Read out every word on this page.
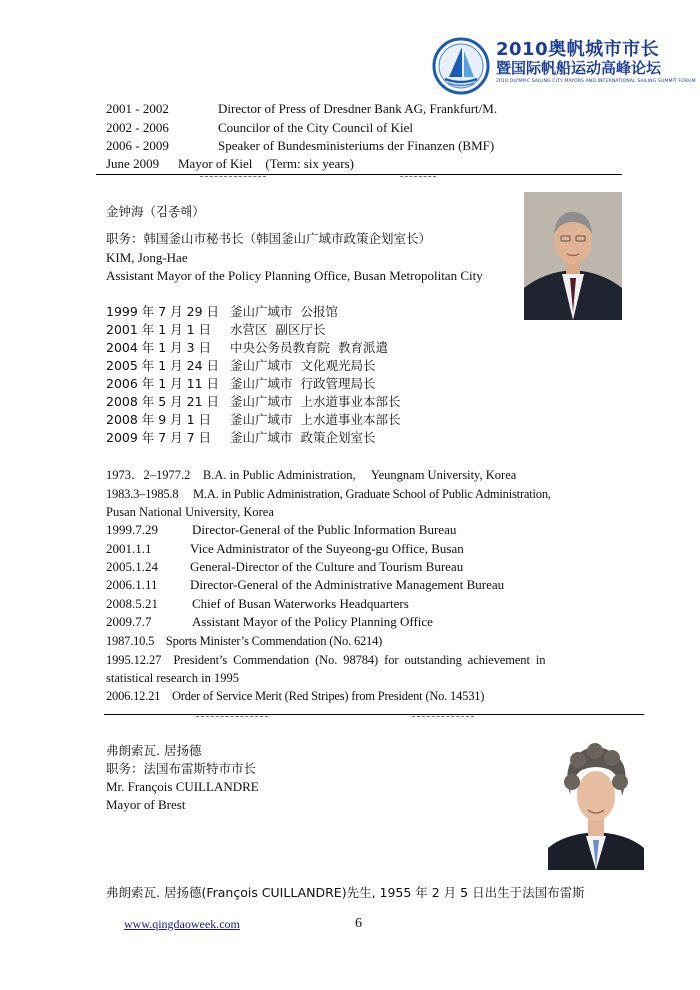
2010奥帆城市市长
暨国际帆船运动高峰论坛
2010 OLYMPIC SAILING CITY MAYORS AND INTERNATIONAL SAILING SUMMIT FORUM
2001 - 2002	Director of Press of Dresdner Bank AG, Frankfurt/M.
2002 - 2006	Councilor of the City Council of Kiel
2006 - 2009	Speaker of Bundesministeriums der Finanzen (BMF)
June 2009 Mayor of Kiel    (Term: six years)
金钟海（김종해）
职务：韩国釜山市秘书长（韩国釜山广域市政策企划室长）
KIM, Jong-Hae
Assistant Mayor of the Policy Planning Office, Busan Metropolitan City
1999 年 7 月 29 日 釜山广域市  公报馆
2001 年 1 月 1 日 水营区  副区厅长
2004 年 1 月 3 日 中央公务员教育院  教育派遣
2005 年 1 月 24 日 釜山广域市  文化观光局长
2006 年 1 月 11 日 釜山广域市  行政管理局长
2008 年 5 月 21 日 釜山广域市  上水道事业本部长
2008 年 9 月 1 日 釜山广域市  上水道事业本部长
2009 年 7 月 7 日 釜山广域市  政策企划室长
1973．2–1977.2    B.A. in Public Administration,     Yeungnam University, Korea
1983.3–1985.8     M.A. in Public Administration, Graduate School of Public Administration,
Pusan National University, Korea
1999.7.29	Director-General of the Public Information Bureau
2001.1.1	Vice Administrator of the Suyeong-gu Office, Busan
2005.1.24 General-Director of the Culture and Tourism Bureau
2006.1.11 Director-General of the Administrative Management Bureau
2008.5.21	Chief of Busan Waterworks Headquarters
2009.7.7	Assistant Mayor of the Policy Planning Office
1987.10.5    Sports Minister’s Commendation (No. 6214)
1995.12.27    President’s  Commendation  (No.  98784)  for  outstanding  achievement  in
statistical research in 1995
2006.12.21    Order of Service Merit (Red Stripes) from President (No. 14531)
弗朗索瓦. 居扬德
职务：法国布雷斯特市市长
Mr. François CUILLANDRE
Mayor of Brest
弗朗索瓦. 居扬德(François CUILLANDRE)先生, 1955 年 2 月 5 日出生于法国布雷斯
www.qingdaoweek.com	6
